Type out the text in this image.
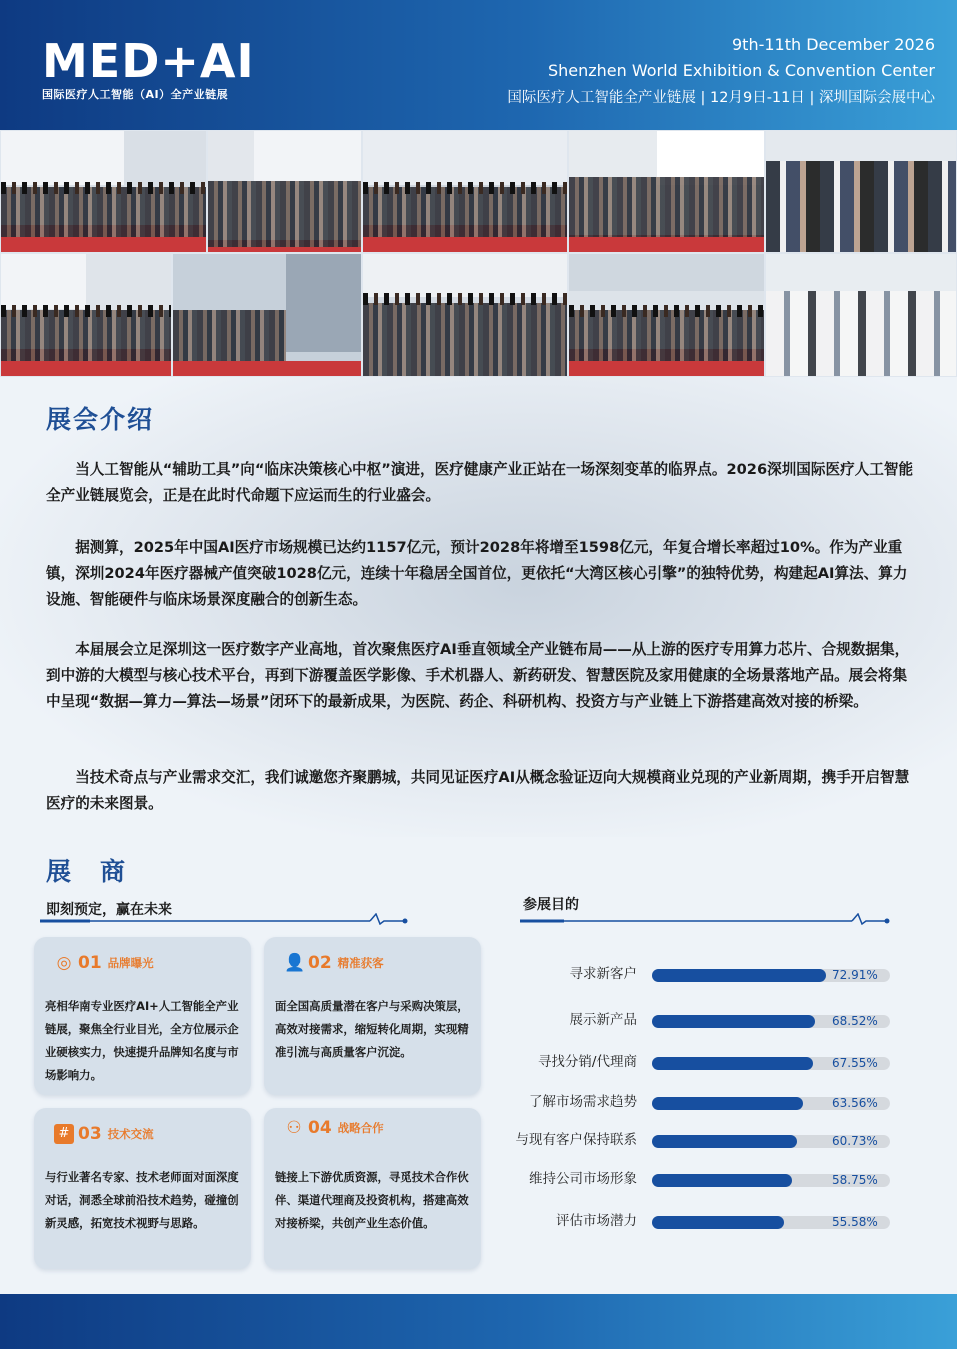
MED+AI
国际医疗人工智能（AI）全产业链展
9th-11th December 2026
Shenzhen World Exhibition & Convention Center
国际医疗人工智能全产业链展 | 12月9日-11日 | 深圳国际会展中心
展会介绍

当人工智能从“辅助工具”向“临床决策核心中枢”演进，医疗健康产业正站在一场深刻变革的临界点。2026深圳国际医疗人工智能全产业链展览会，正是在此时代命题下应运而生的行业盛会。

据测算，2025年中国AI医疗市场规模已达约1157亿元，预计2028年将增至1598亿元，年复合增长率超过10%。作为产业重镇，深圳2024年医疗器械产值突破1028亿元，连续十年稳居全国首位，更依托“大湾区核心引擎”的独特优势，构建起AI算法、算力设施、智能硬件与临床场景深度融合的创新生态。

本届展会立足深圳这一医疗数字产业高地，首次聚焦医疗AI垂直领域全产业链布局——从上游的医疗专用算力芯片、合规数据集，到中游的大模型与核心技术平台，再到下游覆盖医学影像、手术机器人、新药研发、智慧医院及家用健康的全场景落地产品。展会将集中呈现“数据—算力—算法—场景”闭环下的最新成果，为医院、药企、科研机构、投资方与产业链上下游搭建高效对接的桥梁。

当技术奇点与产业需求交汇，我们诚邀您齐聚鹏城，共同见证医疗AI从概念验证迈向大规模商业兑现的产业新周期，携手开启智慧医疗的未来图景。

展　商
即刻预定，赢在未来
◎ 01 品牌曝光
亮相华南专业医疗AI+人工智能全产业链展，聚焦全行业目光，全方位展示企业硬核实力，快速提升品牌知名度与市场影响力。
👤 02 精准获客
面全国高质量潜在客户与采购决策层，高效对接需求，缩短转化周期，实现精准引流与高质量客户沉淀。
# 03 技术交流
与行业著名专家、技术老师面对面深度对话，洞悉全球前沿技术趋势，碰撞创新灵感，拓宽技术视野与思路。
⚇ 04 战略合作
链接上下游优质资源，寻觅技术合作伙伴、渠道代理商及投资机构，搭建高效对接桥梁，共创产业生态价值。
参展目的
寻求新客户	72.91%
展示新产品	68.52%
寻找分销/代理商	67.55%
了解市场需求趋势	63.56%
与现有客户保持联系	60.73%
维持公司市场形象	58.75%
评估市场潜力	55.58%
